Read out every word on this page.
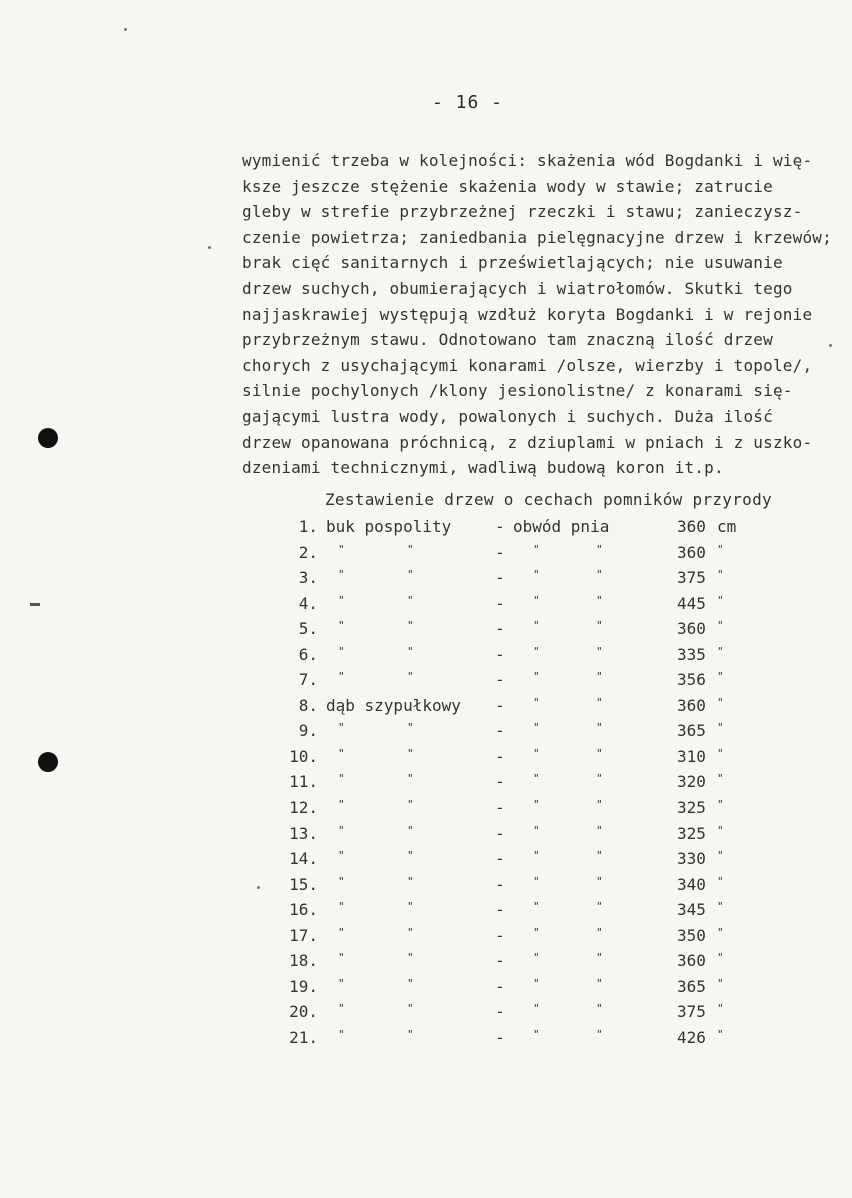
- 16 -
wymienić trzeba w kolejności: skażenia wód Bogdanki i wię-
ksze jeszcze stężenie skażenia wody w stawie; zatrucie
gleby w strefie przybrzeżnej rzeczki i stawu; zanieczysz-
czenie powietrza; zaniedbania pielęgnacyjne drzew i krzewów;
brak cięć sanitarnych i prześwietlających; nie usuwanie
drzew suchych, obumierających i wiatrołomów. Skutki tego
najjaskrawiej występują wzdłuż koryta Bogdanki i w rejonie
przybrzeżnym stawu. Odnotowano tam znaczną ilość drzew
chorych z usychającymi konarami /olsze, wierzby i topole/,
silnie pochylonych /klony jesionolistne/ z konarami się-
gającymi lustra wody, powalonych i suchych. Duża ilość
drzew opanowana próchnicą, z dziuplami w pniach i z uszko-
dzeniami technicznymi, wadliwą budową koron it.p.
Zestawienie drzew o cechach pomników przyrody
1. buk pospolity	- obwód pnia	360 cm
2. "	"	-	"	"	360 "
3. "	"	-	"	"	375 "
4. "	"	-	"	"	445 "
5. "	"	-	"	"	360 "
6. "	"	-	"	"	335 "
7. "	"	-	"	"	356 "
8. dąb szypułkowy -	"	"	360 "
9. "	"	-	"	"	365 "
10. "	"	-	"	"	310 "
11. "	"	-	"	"	320 "
12. "	"	-	"	"	325 "
13. "	"	-	"	"	325 "
14. "	"	-	"	"	330 "
15. "	"	-	"	"	340 "
16. "	"	-	"	"	345 "
17. "	"	-	"	"	350 "
18. "	"	-	"	"	360 "
19. "	"	-	"	"	365 "
20. "	"	-	"	"	375 "
21. "	"	-	"	"	426 "
